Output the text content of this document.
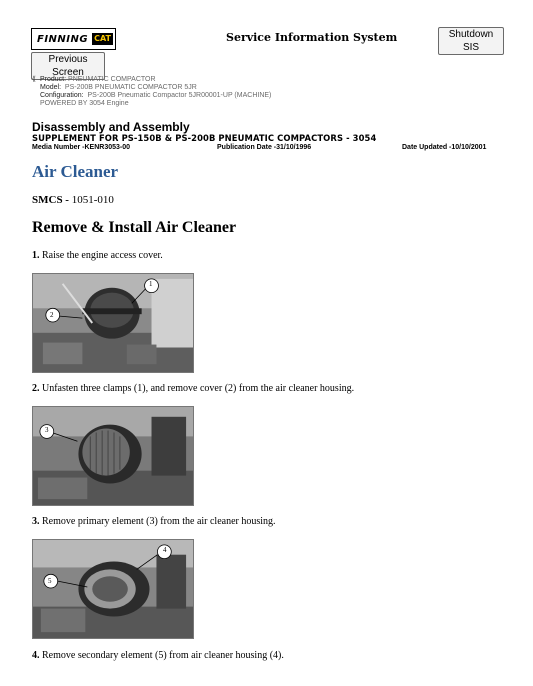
FINNING CAT	Service Information System	Shutdown SIS
Previous Screen
⟪ Product:
PNEUMATIC COMPACTOR
Model: PS-200B PNEUMATIC COMPACTOR 5JR
Configuration: PS-200B Pneumatic Compactor 5JR00001-UP (MACHINE)
POWERED BY 3054 Engine
Disassembly and Assembly
SUPPLEMENT FOR PS-150B & PS-200B PNEUMATIC COMPACTORS - 3054
Media Number -KENR3053-00	Publication Date -31/10/1996	Date Updated -10/10/2001
Air Cleaner
SMCS - 1051-010
Remove & Install Air Cleaner
1. Raise the engine access cover.
1
2
2. Unfasten three clamps (1), and remove cover (2) from the air cleaner housing.
3
3. Remove primary element (3) from the air cleaner housing.
4
5
4. Remove secondary element (5) from air cleaner housing (4).
